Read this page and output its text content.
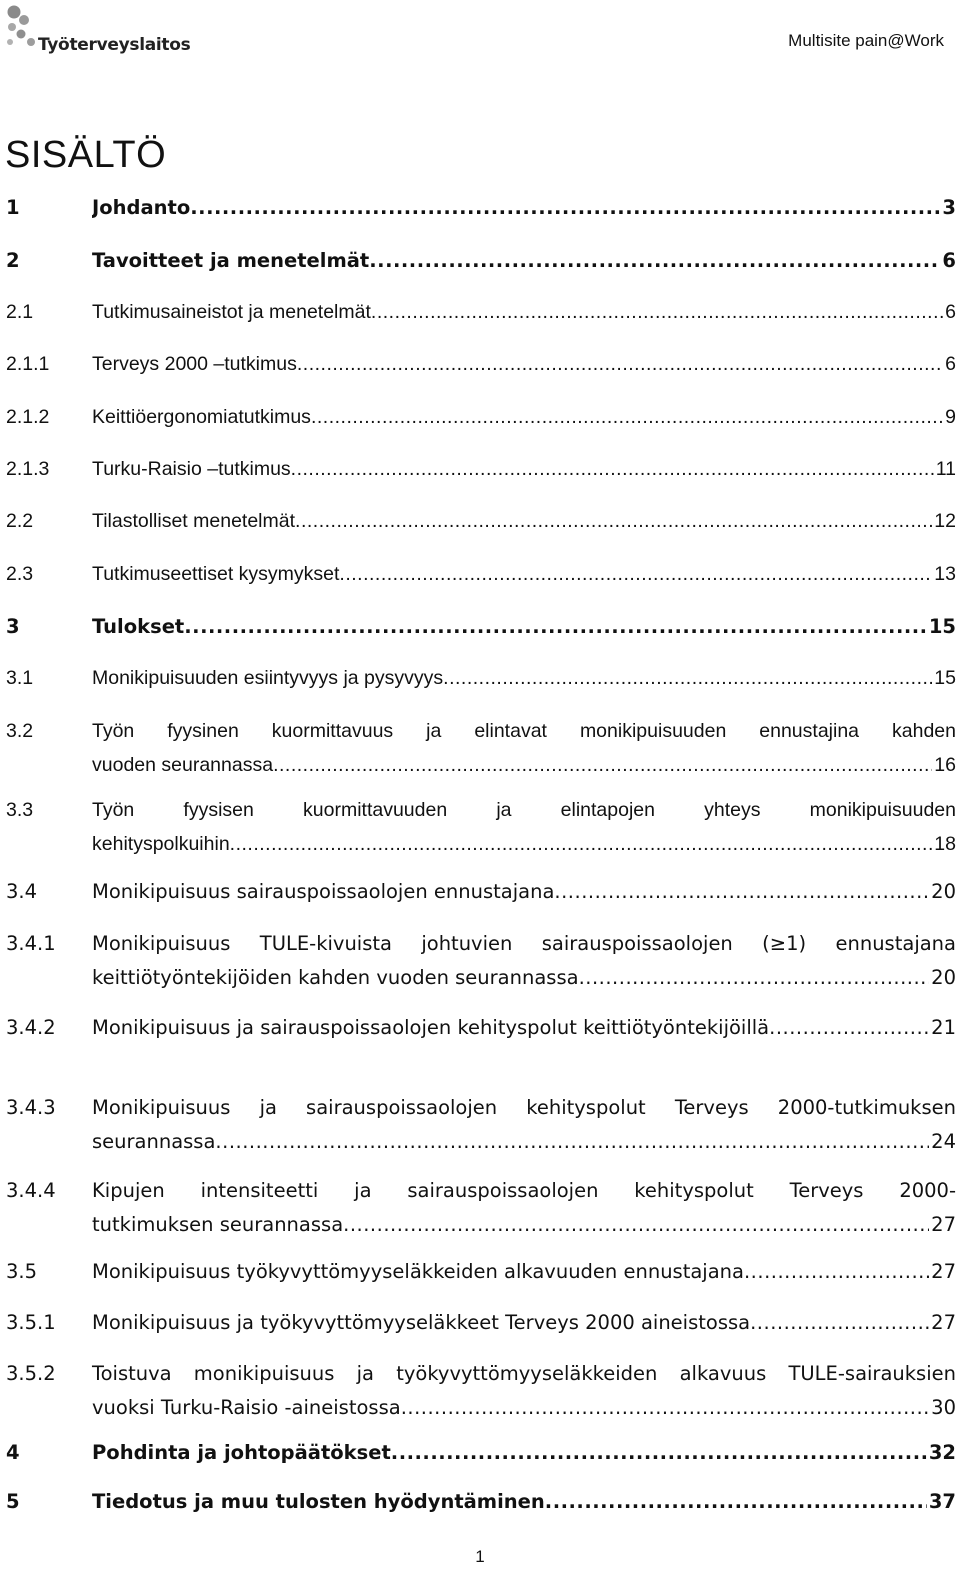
Työterveyslaitos	Multisite pain@Work
SISÄLTÖ
1	Johdanto .....	3
2	Tavoitteet ja menetelmät .....	6
2.1	Tutkimusaineistot ja menetelmät .....	6
2.1.1 Terveys 2000 –tutkimus .....	6
2.1.2 Keittiöergonomiatutkimus .....	9
2.1.3 Turku-Raisio –tutkimus .....	11
2.2	Tilastolliset menetelmät .....	12
2.3	Tutkimuseettiset kysymykset .....	13
3	Tulokset .....	15
3.1	Monikipuisuuden esiintyvyys ja pysyvyys .....	15
3.2	Työn fyysinen kuormittavuus ja elintavat monikipuisuuden ennustajina kahden
vuoden seurannassa .....	16
3.3	Työn fyysisen kuormittavuuden ja elintapojen yhteys monikipuisuuden
kehityspolkuihin .....	18
3.4	Monikipuisuus sairauspoissaolojen ennustajana .....	20
3.4.1 Monikipuisuus TULE-kivuista johtuvien sairauspoissaolojen (≥1) ennustajana
keittiötyöntekijöiden kahden vuoden seurannassa .....	20
3.4.2 Monikipuisuus ja sairauspoissaolojen kehityspolut keittiötyöntekijöillä .....	21
3.4.3 Monikipuisuus ja sairauspoissaolojen kehityspolut Terveys 2000-tutkimuksen
seurannassa .....	24
3.4.4 Kipujen intensiteetti ja sairauspoissaolojen kehityspolut Terveys 2000-
tutkimuksen seurannassa .....	27
3.5	Monikipuisuus työkyvyttömyyseläkkeiden alkavuuden ennustajana .....	27
3.5.1 Monikipuisuus ja työkyvyttömyyseläkkeet Terveys 2000 aineistossa .....	27
3.5.2 Toistuva monikipuisuus ja työkyvyttömyyseläkkeiden alkavuus TULE-sairauksien
vuoksi Turku-Raisio -aineistossa .....	30
4	Pohdinta ja johtopäätökset .....	32
5	Tiedotus ja muu tulosten hyödyntäminen .....	37
1
